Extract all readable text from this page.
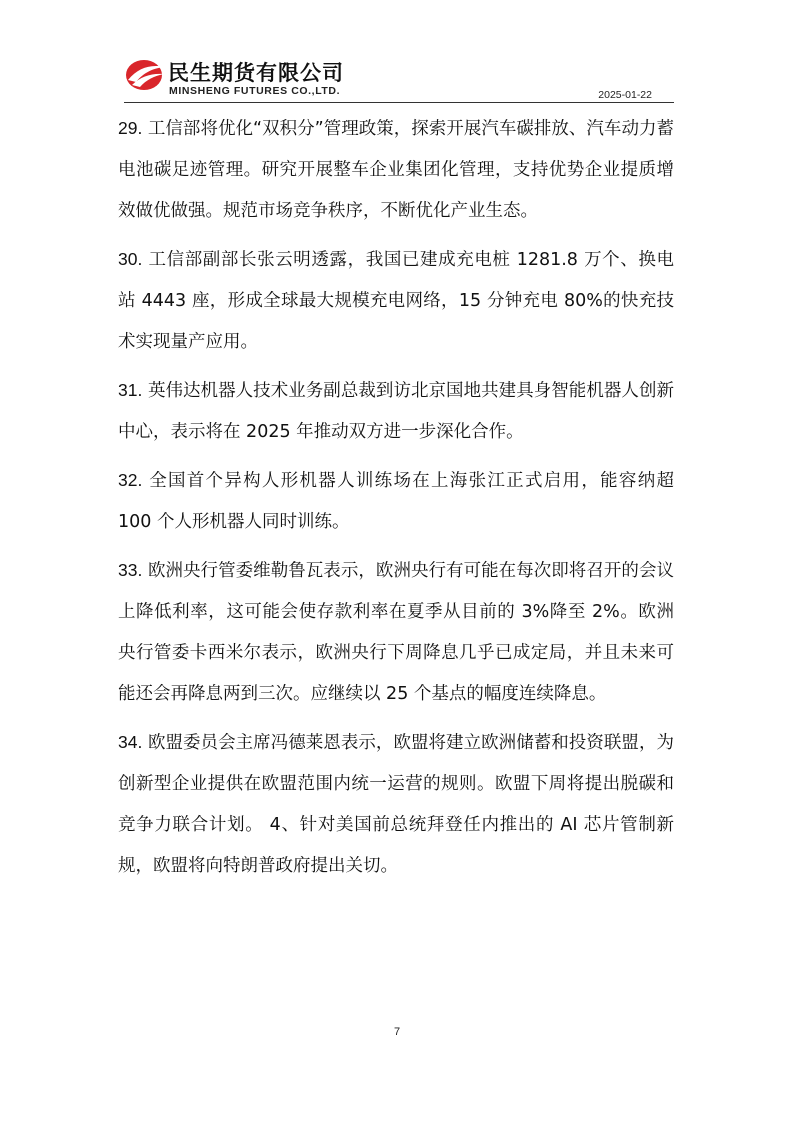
民生期货有限公司
MINSHENG FUTURES CO.,LTD.	2025-01-22
29. 工信部将优化“双积分”管理政策，探索开展汽车碳排放、汽车动力蓄电池碳足迹管理。研究开展整车企业集团化管理，支持优势企业提质增效做优做强。规范市场竞争秩序，不断优化产业生态。
30. 工信部副部长张云明透露，我国已建成充电桩 1281.8 万个、换电站 4443 座，形成全球最大规模充电网络，15 分钟充电 80%的快充技术实现量产应用。
31. 英伟达机器人技术业务副总裁到访北京国地共建具身智能机器人创新中心，表示将在 2025 年推动双方进一步深化合作。
32. 全国首个异构人形机器人训练场在上海张江正式启用，能容纳超 100 个人形机器人同时训练。
33. 欧洲央行管委维勒鲁瓦表示，欧洲央行有可能在每次即将召开的会议上降低利率，这可能会使存款利率在夏季从目前的 3%降至 2%。欧洲央行管委卡西米尔表示，欧洲央行下周降息几乎已成定局，并且未来可能还会再降息两到三次。应继续以 25 个基点的幅度连续降息。
34. 欧盟委员会主席冯德莱恩表示，欧盟将建立欧洲储蓄和投资联盟，为创新型企业提供在欧盟范围内统一运营的规则。欧盟下周将提出脱碳和竞争力联合计划。 4、针对美国前总统拜登任内推出的 AI 芯片管制新规，欧盟将向特朗普政府提出关切。
7
